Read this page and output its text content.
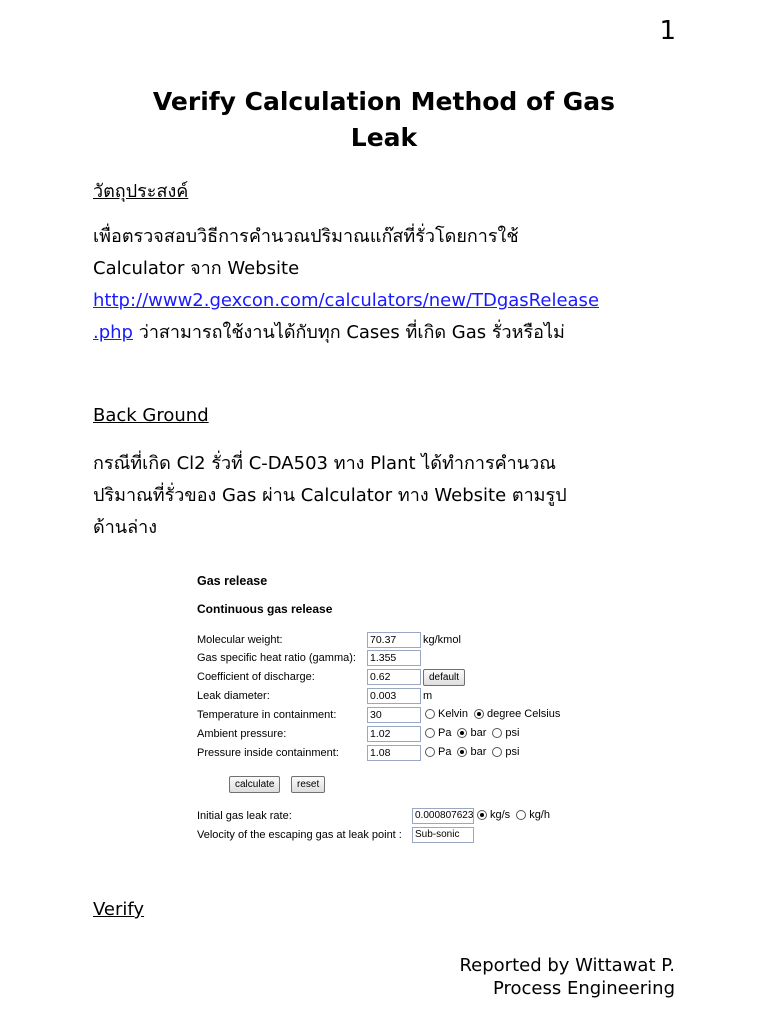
1
Verify Calculation Method of Gas
Leak
วัตถุประสงค์
เพื่อตรวจสอบวิธีการคำนวณปริมาณแก๊สที่รั่วโดยการใช้
Calculator จาก Website
http://www2.gexcon.com/calculators/new/TDgasRelease
.php ว่าสามารถใช้งานได้กับทุก Cases ที่เกิด Gas รั่วหรือไม่
Back Ground
กรณีที่เกิด Cl2 รั่วที่ C-DA503 ทาง Plant ได้ทำการคำนวณ
ปริมาณที่รั่วของ Gas ผ่าน Calculator ทาง Website ตามรูป
ด้านล่าง
Gas release
Continuous gas release
Molecular weight:	70.37	kg/kmol
Gas specific heat ratio (gamma): 1.355
Coefficient of discharge:	0.62	default
Leak diameter:	0.003	m
Temperature in containment:	30	Kelvin degree Celsius
Ambient pressure:	1.02	Pa bar psi
Pressure inside containment:	1.08	Pa bar psi
calculate	reset
Initial gas leak rate:	0.000807623 kg/s kg/h
Velocity of the escaping gas at leak point :	Sub-sonic
Verify
Reported by Wittawat P.
Process Engineering
